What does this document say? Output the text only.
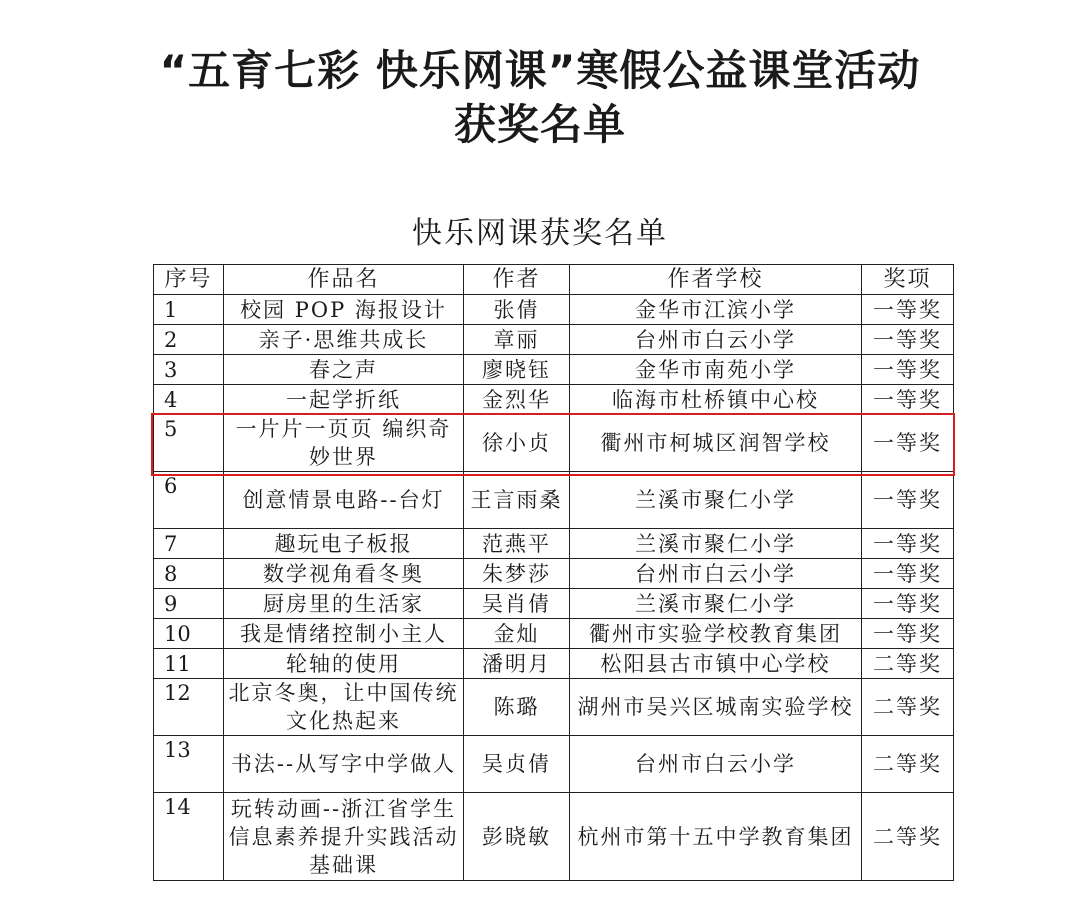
“五育七彩 快乐网课”寒假公益课堂活动
获奖名单
快乐网课获奖名单
序号	作品名	作者	作者学校	奖项
1	校园 POP 海报设计	张倩	金华市江滨小学	一等奖
2	亲子·思维共成长	章丽	台州市白云小学	一等奖
3	春之声	廖晓钰	金华市南苑小学	一等奖
4	一起学折纸	金烈华	临海市杜桥镇中心校	一等奖
5	一片片一页页 编织奇妙世界	徐小贞	衢州市柯城区润智学校	一等奖
6	创意情景电路--台灯	王言雨桑	兰溪市聚仁小学	一等奖
7	趣玩电子板报	范燕平	兰溪市聚仁小学	一等奖
8	数学视角看冬奥	朱梦莎	台州市白云小学	一等奖
9	厨房里的生活家	吴肖倩	兰溪市聚仁小学	一等奖
10	我是情绪控制小主人	金灿	衢州市实验学校教育集团	一等奖
11	轮轴的使用	潘明月	松阳县古市镇中心学校	二等奖
12	北京冬奥，让中国传统文化热起来	陈璐	湖州市吴兴区城南实验学校	二等奖
13	书法--从写字中学做人	吴贞倩	台州市白云小学	二等奖
14	玩转动画--浙江省学生信息素养提升实践活动基础课	彭晓敏	杭州市第十五中学教育集团	二等奖
